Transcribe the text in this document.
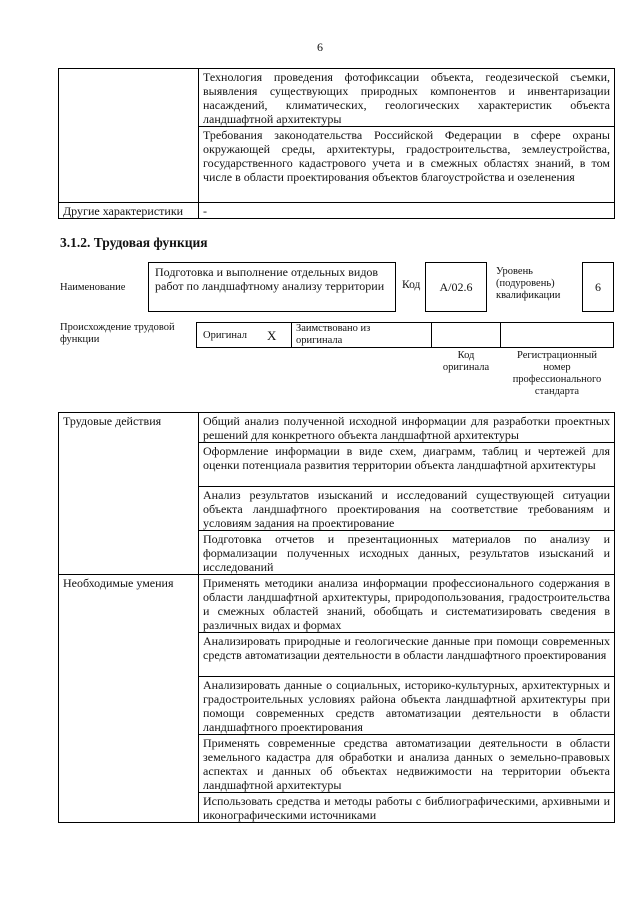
6
	Технология проведения фотофиксации объекта, геодезической съемки, выявления существующих природных компонентов и инвентаризации насаждений, климатических, геологических характеристик объекта ландшафтной архитектуры
	Требования законодательства Российской Федерации в сфере охраны окружающей среды, архитектуры, градостроительства, землеустройства, государственного кадастрового учета и в смежных областях знаний, в том числе в области проектирования объектов благоустройства и озеленения
Другие характеристики	-
3.1.2. Трудовая функция
Наименование
Подготовка и выполнение отдельных видов работ по ландшафтному анализу территории	Код	A/02.6
Уровень (подуровень) квалификации
6
Происхождение трудовой функции	Оригинал X Заимствовано из оригинала
Код оригинала
Регистрационный номер профессионального стандарта
Трудовые действия	Общий анализ полученной исходной информации для разработки проектных решений для конкретного объекта ландшафтной архитектуры
	Оформление информации в виде схем, диаграмм, таблиц и чертежей для оценки потенциала развития территории объекта ландшафтной архитектуры
	Анализ результатов изысканий и исследований существующей ситуации объекта ландшафтного проектирования на соответствие требованиям и условиям задания на проектирование
	Подготовка отчетов и презентационных материалов по анализу и формализации полученных исходных данных, результатов изысканий и исследований
Необходимые умения	Применять методики анализа информации профессионального содержания в области ландшафтной архитектуры, природопользования, градостроительства и смежных областей знаний, обобщать и систематизировать сведения в различных видах и формах
	Анализировать природные и геологические данные при помощи современных средств автоматизации деятельности в области ландшафтного проектирования
	Анализировать данные о социальных, историко-культурных, архитектурных и градостроительных условиях района объекта ландшафтной архитектуры при помощи современных средств автоматизации деятельности в области ландшафтного проектирования
	Применять современные средства автоматизации деятельности в области земельного кадастра для обработки и анализа данных о земельно-правовых аспектах и данных об объектах недвижимости на территории объекта ландшафтной архитектуры
	Использовать средства и методы работы с библиографическими, архивными и иконографическими источниками
